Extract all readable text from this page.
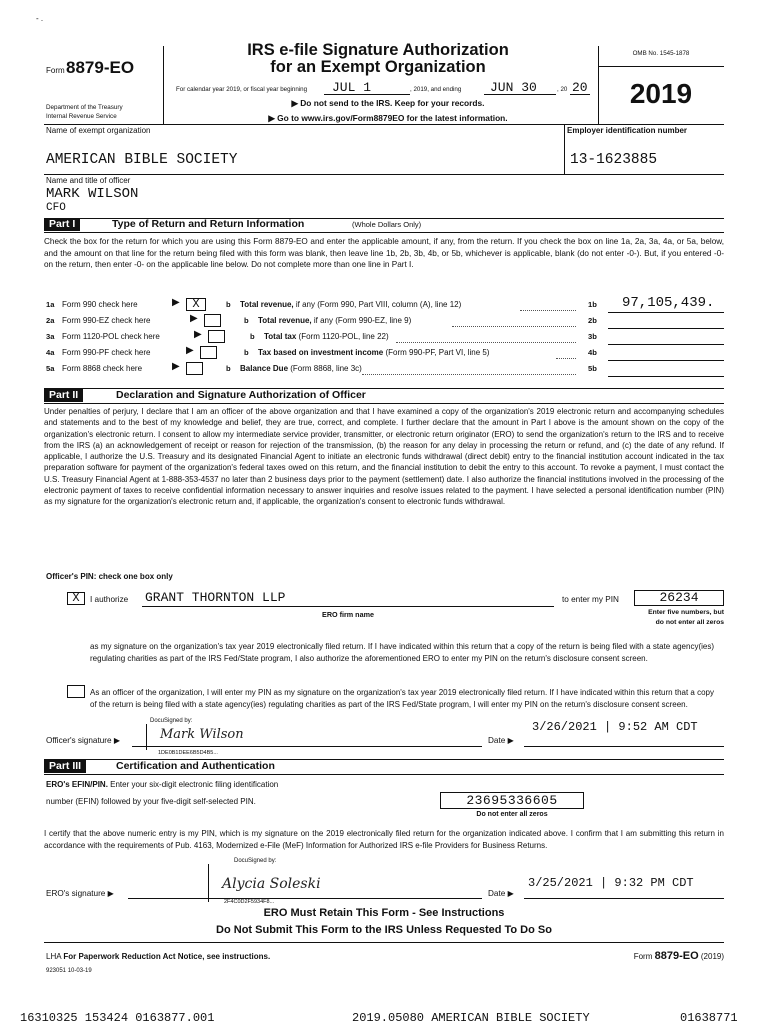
- .
Form 8879-EO
Department of the Treasury
Internal Revenue Service
IRS e-file Signature Authorization
for an Exempt Organization
For calendar year 2019, or fiscal year beginning JUL 1	, 2019, and ending JUN 30	, 20 20
▶ Do not send to the IRS. Keep for your records.
▶ Go to www.irs.gov/Form8879EO for the latest information.
OMB No. 1545-1878
2019
Name of exempt organization	Employer identification number
AMERICAN BIBLE SOCIETY	13-1623885
Name and title of officer
MARK WILSON
CFO
Part I	Type of Return and Return Information	(Whole Dollars Only)
Check the box for the return for which you are using this Form 8879-EO and enter the applicable amount, if any, from the return. If you check the box on line 1a, 2a, 3a, 4a, or 5a, below, and the amount on that line for the return being filed with this form was blank, then leave line 1b, 2b, 3b, 4b, or 5b, whichever is applicable, blank (do not enter -0-). But, if you entered -0- on the return, then enter -0- on the applicable line below. Do not complete more than one line in Part I.
1a Form 990 check here	▶	X	b Total revenue, if any (Form 990, Part VIII, column (A), line 12)	1b 97,105,439.
2a Form 990-EZ check here	▶	b Total revenue, if any (Form 990-EZ, line 9)	2b
3a Form 1120-POL check here	▶	b Total tax (Form 1120-POL, line 22)	3b
4a Form 990-PF check here	▶	b Tax based on investment income (Form 990-PF, Part VI, line 5)	4b
5a Form 8868 check here	▶	b Balance Due (Form 8868, line 3c)	5b
Part II	Declaration and Signature Authorization of Officer
Under penalties of perjury, I declare that I am an officer of the above organization and that I have examined a copy of the organization's 2019 electronic return and accompanying schedules and statements and to the best of my knowledge and belief, they are true, correct, and complete. I further declare that the amount in Part I above is the amount shown on the copy of the organization's electronic return. I consent to allow my intermediate service provider, transmitter, or electronic return originator (ERO) to send the organization's return to the IRS and to receive from the IRS (a) an acknowledgement of receipt or reason for rejection of the transmission, (b) the reason for any delay in processing the return or refund, and (c) the date of any refund. If applicable, I authorize the U.S. Treasury and its designated Financial Agent to initiate an electronic funds withdrawal (direct debit) entry to the financial institution account indicated in the tax preparation software for payment of the organization's federal taxes owed on this return, and the financial institution to debit the entry to this account. To revoke a payment, I must contact the U.S. Treasury Financial Agent at 1-888-353-4537 no later than 2 business days prior to the payment (settlement) date. I also authorize the financial institutions involved in the processing of the electronic payment of taxes to receive confidential information necessary to answer inquiries and resolve issues related to the payment. I have selected a personal identification number (PIN) as my signature for the organization's electronic return and, if applicable, the organization's consent to electronic funds withdrawal.
Officer's PIN: check one box only
X	I authorize GRANT THORNTON LLP
ERO firm name
to enter my PIN	26234
Enter five numbers, but
do not enter all zeros
as my signature on the organization's tax year 2019 electronically filed return. If I have indicated within this return that a copy of the return is being filed with a state agency(ies) regulating charities as part of the IRS Fed/State program, I also authorize the aforementioned ERO to enter my PIN on the return's disclosure consent screen.
As an officer of the organization, I will enter my PIN as my signature on the organization's tax year 2019 electronically filed return. If I have indicated within this return that a copy of the return is being filed with a state agency(ies) regulating charities as part of the IRS Fed/State program, I will enter my PIN on the return's disclosure consent screen.
DocuSigned by:
Officer's signature ▶	Mark Wilson
1DE0B1DEE6B5D4B5...
Date ▶
3/26/2021 | 9:52 AM CDT
Part III	Certification and Authentication
ERO's EFIN/PIN. Enter your six-digit electronic filing identification
number (EFIN) followed by your five-digit self-selected PIN.	23695336605
Do not enter all zeros
I certify that the above numeric entry is my PIN, which is my signature on the 2019 electronically filed return for the organization indicated above. I confirm that I am submitting this return in accordance with the requirements of Pub. 4163, Modernized e-File (MeF) Information for Authorized IRS e-file Providers for Business Returns.
DocuSigned by:
ERO's signature ▶
Alycia Soleski
2F4C0D2F5934F8...
Date ▶
3/25/2021 | 9:32 PM CDT
ERO Must Retain This Form - See Instructions
Do Not Submit This Form to the IRS Unless Requested To Do So
LHA For Paperwork Reduction Act Notice, see instructions.	Form 8879-EO (2019)
923051 10-03-19
16310325 153424 0163877.001	2019.05080 AMERICAN BIBLE SOCIETY	01638771
